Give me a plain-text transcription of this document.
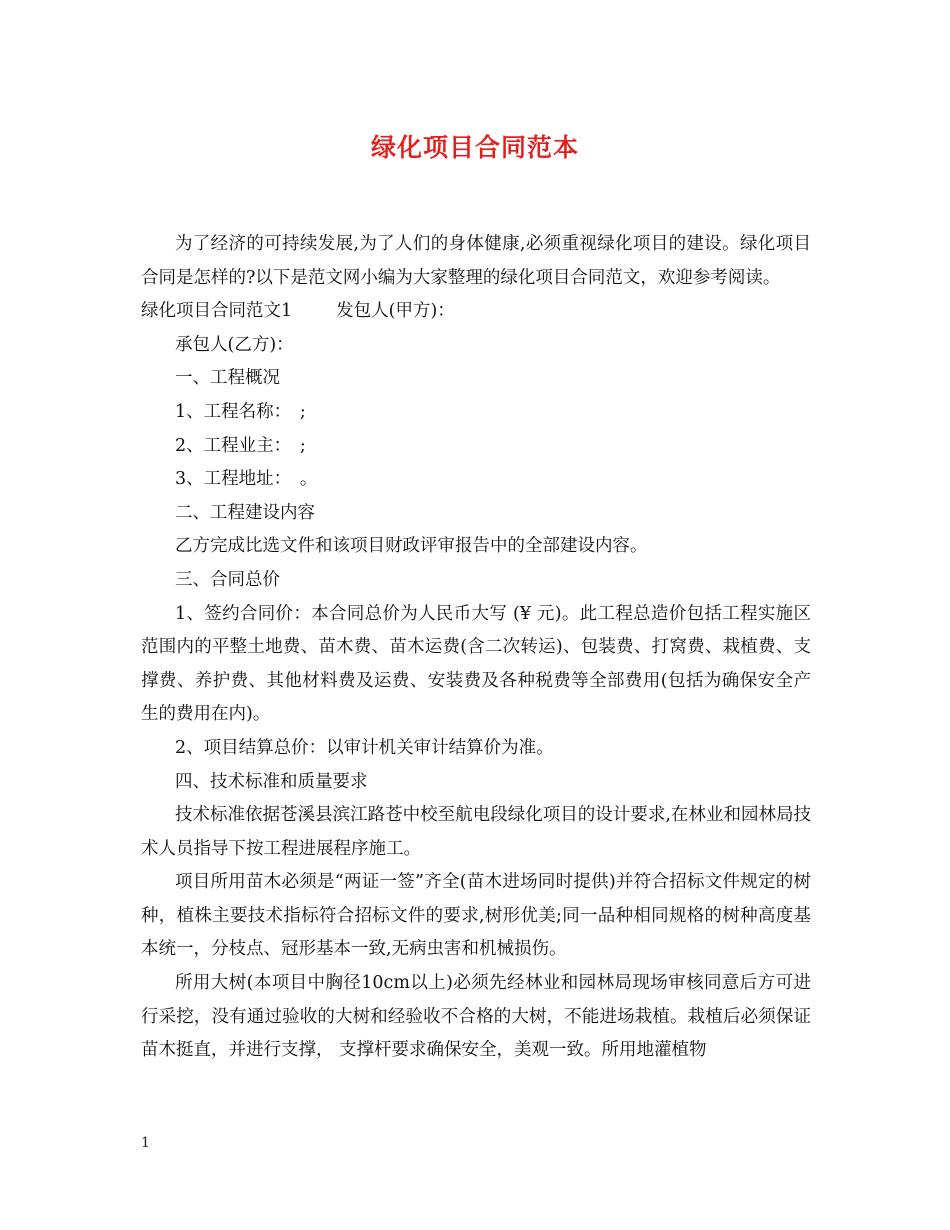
绿化项目合同范本

为了经济的可持续发展,为了人们的身体健康,必须重视绿化项目的建设。绿化项目合同是怎样的?以下是范文网小编为大家整理的绿化项目合同范文，欢迎参考阅读。

绿化项目合同范文1	发包人(甲方)：

承包人(乙方)：

一、工程概况

1、工程名称：　;

2、工程业主：　;

3、工程地址：　。

二、工程建设内容

乙方完成比选文件和该项目财政评审报告中的全部建设内容。

三、合同总价

1、签约合同价：本合同总价为人民币大写 (¥ 元)。此工程总造价包括工程实施区范围内的平整土地费、苗木费、苗木运费(含二次转运)、包装费、打窝费、栽植费、支撑费、养护费、其他材料费及运费、安装费及各种税费等全部费用(包括为确保安全产生的费用在内)。

2、项目结算总价：以审计机关审计结算价为准。

四、技术标准和质量要求

技术标准依据苍溪县滨江路苍中校至航电段绿化项目的设计要求,在林业和园林局技术人员指导下按工程进展程序施工。

项目所用苗木必须是“两证一签”齐全(苗木进场同时提供)并符合招标文件规定的树种，植株主要技术指标符合招标文件的要求,树形优美;同一品种相同规格的树种高度基本统一，分枝点、冠形基本一致,无病虫害和机械损伤。

所用大树(本项目中胸径10cm以上)必须先经林业和园林局现场审核同意后方可进行采挖，没有通过验收的大树和经验收不合格的大树，不能进场栽植。栽植后必须保证苗木挺直，并进行支撑， 支撑杆要求确保安全，美观一致。所用地灌植物

1
